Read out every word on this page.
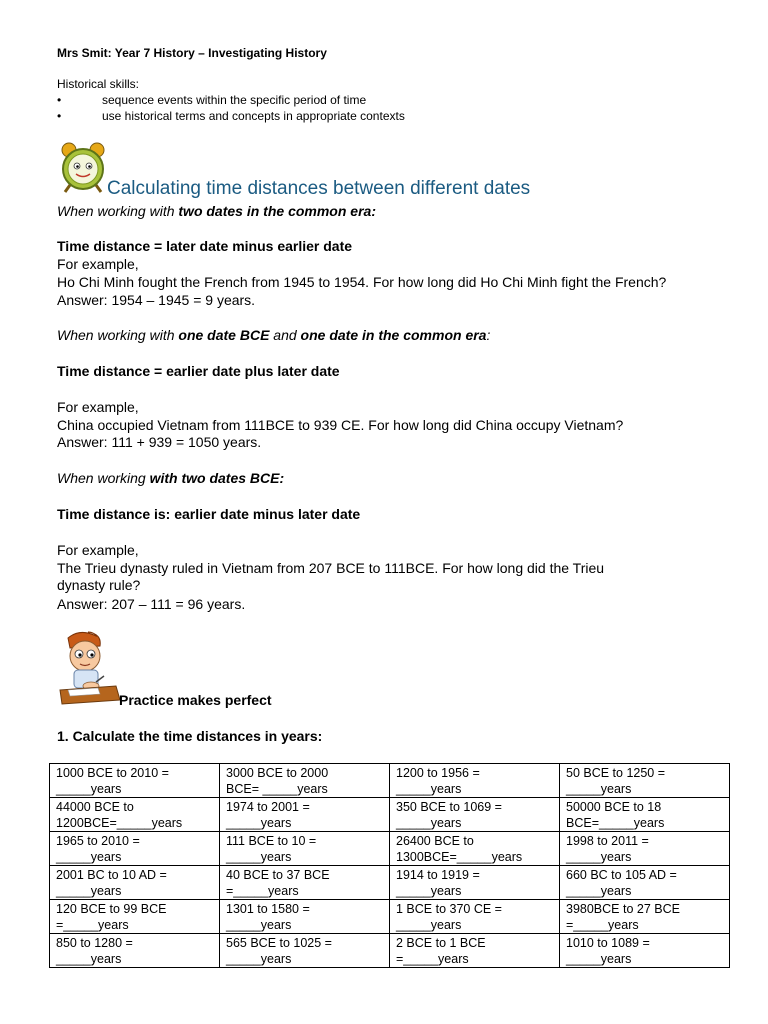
Mrs Smit: Year 7 History – Investigating History
Historical skills:
•	sequence events within the specific period of time
•	use historical terms and concepts in appropriate contexts
Calculating time distances between different dates
When working with two dates in the common era:
Time distance = later date minus earlier date
For example,
Ho Chi Minh fought the French from 1945 to 1954. For how long did Ho Chi Minh fight the French?
Answer: 1954 – 1945 = 9 years.
When working with one date BCE and one date in the common era:
Time distance = earlier date plus later date
For example,
China occupied Vietnam from 111BCE to 939 CE. For how long did China occupy Vietnam?
Answer: 111 + 939 = 1050 years.
When working with two dates BCE:
Time distance is: earlier date minus later date
For example,
The Trieu dynasty ruled in Vietnam from 207 BCE to 111BCE. For how long did the Trieu
dynasty rule?
Answer: 207 – 111 = 96 years.
Practice makes perfect
1. Calculate the time distances in years:
1000 BCE to 2010 =
_____years	3000 BCE to 2000
BCE= _____years	1200 to 1956 =
_____years	50 BCE to 1250 =
_____years

44000 BCE to
1200BCE=_____years	1974 to 2001 =
_____years	350 BCE to 1069 =
_____years	50000 BCE to 18
BCE=_____years

1965 to 2010 =
_____years	111 BCE to 10 =
_____years	26400 BCE to
1300BCE=_____years	1998 to 2011 =
_____years

2001 BC to 10 AD =
_____years	40 BCE to 37 BCE
=_____years	1914 to 1919 =
_____years	660 BC to 105 AD =
_____years

120 BCE to 99 BCE
=_____years	1301 to 1580 =
_____years	1 BCE to 370 CE =
_____years	3980BCE to 27 BCE
=_____years

850 to 1280 =
_____years	565 BCE to 1025 =
_____years	2 BCE to 1 BCE
=_____years	1010 to 1089 =
_____years
